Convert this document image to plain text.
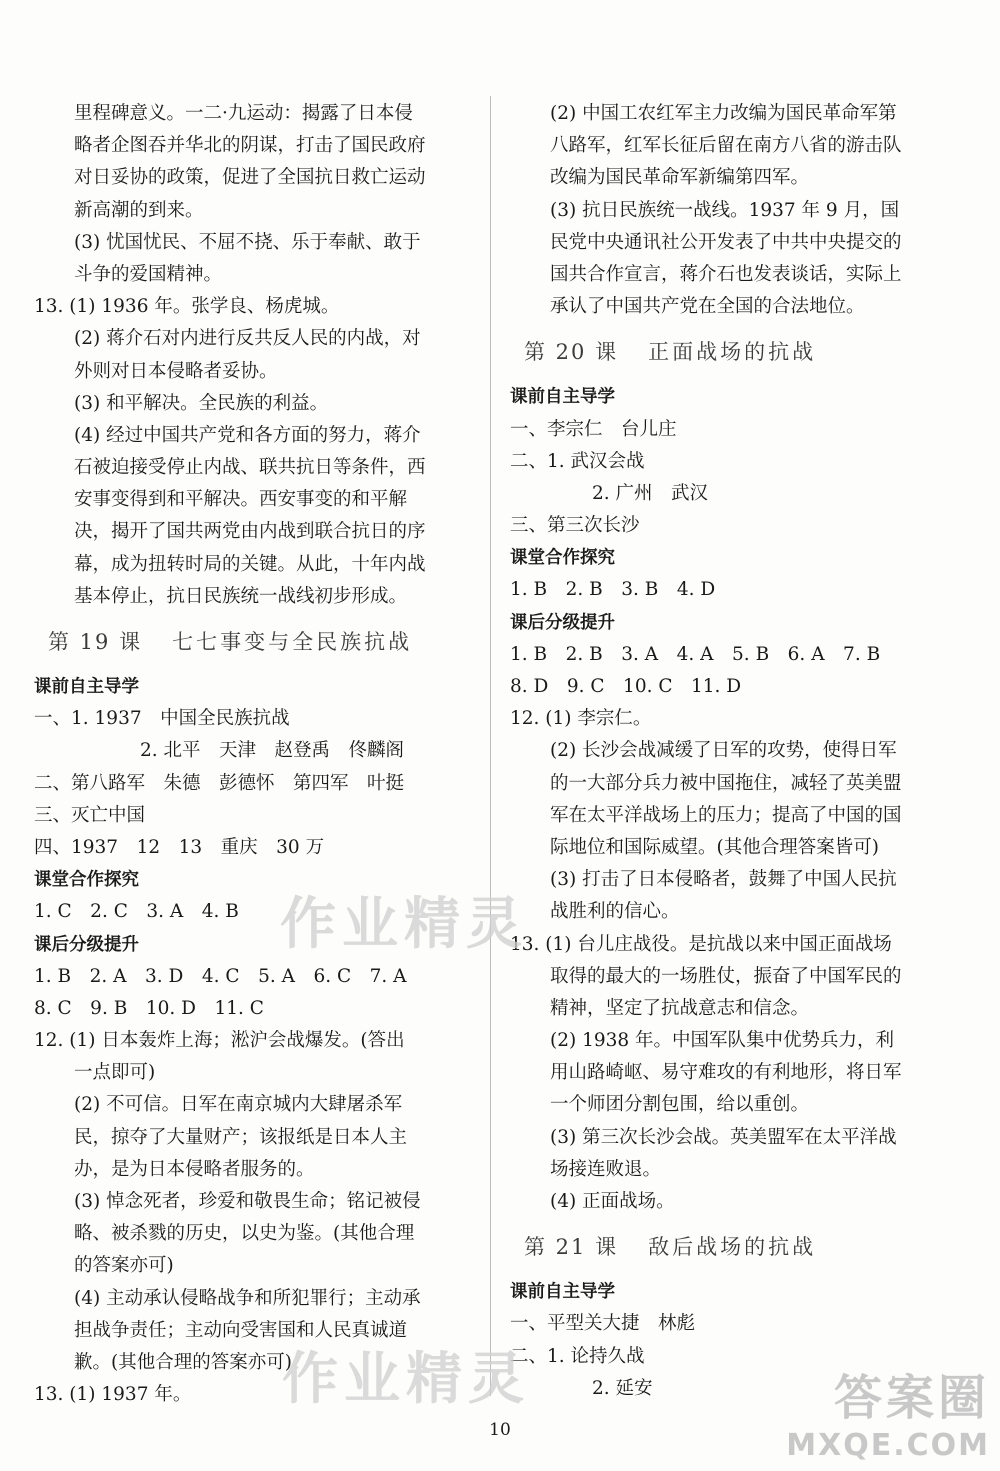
里程碑意义。一二·九运动：揭露了日本侵
略者企图吞并华北的阴谋，打击了国民政府
对日妥协的政策，促进了全国抗日救亡运动
新高潮的到来。
(3) 忧国忧民、不屈不挠、乐于奉献、敢于
斗争的爱国精神。
13. (1) 1936 年。张学良、杨虎城。
(2) 蒋介石对内进行反共反人民的内战，对
外则对日本侵略者妥协。
(3) 和平解决。全民族的利益。
(4) 经过中国共产党和各方面的努力，蒋介
石被迫接受停止内战、联共抗日等条件，西
安事变得到和平解决。西安事变的和平解
决，揭开了国共两党由内战到联合抗日的序
幕，成为扭转时局的关键。从此，十年内战
基本停止，抗日民族统一战线初步形成。
第 19 课 七七事变与全民族抗战
课前自主导学
一、1. 1937　中国全民族抗战
2. 北平　天津　赵登禹　佟麟阁
二、第八路军　朱德　彭德怀　第四军　叶挺
三、灭亡中国
四、1937　12　13　重庆　30 万
课堂合作探究
1. C　2. C　3. A　4. B
课后分级提升
1. B　2. A　3. D　4. C　5. A　6. C　7. A
8. C　9. B　10. D　11. C
12. (1) 日本轰炸上海；淞沪会战爆发。(答出
一点即可)
(2) 不可信。日军在南京城内大肆屠杀军
民，掠夺了大量财产；该报纸是日本人主
办，是为日本侵略者服务的。
(3) 悼念死者，珍爱和敬畏生命；铭记被侵
略、被杀戮的历史，以史为鉴。(其他合理
的答案亦可)
(4) 主动承认侵略战争和所犯罪行；主动承
担战争责任；主动向受害国和人民真诚道
歉。(其他合理的答案亦可)
13. (1) 1937 年。
(2) 中国工农红军主力改编为国民革命军第
八路军，红军长征后留在南方八省的游击队
改编为国民革命军新编第四军。
(3) 抗日民族统一战线。1937 年 9 月，国
民党中央通讯社公开发表了中共中央提交的
国共合作宣言，蒋介石也发表谈话，实际上
承认了中国共产党在全国的合法地位。
第 20 课 正面战场的抗战
课前自主导学
一、李宗仁　台儿庄
二、1. 武汉会战
2. 广州　武汉
三、第三次长沙
课堂合作探究
1. B　2. B　3. B　4. D
课后分级提升
1. B　2. B　3. A　4. A　5. B　6. A　7. B
8. D　9. C　10. C　11. D
12. (1) 李宗仁。
(2) 长沙会战减缓了日军的攻势，使得日军
的一大部分兵力被中国拖住，减轻了英美盟
军在太平洋战场上的压力；提高了中国的国
际地位和国际威望。(其他合理答案皆可)
(3) 打击了日本侵略者，鼓舞了中国人民抗
战胜利的信心。
13. (1) 台儿庄战役。是抗战以来中国正面战场
取得的最大的一场胜仗，振奋了中国军民的
精神，坚定了抗战意志和信念。
(2) 1938 年。中国军队集中优势兵力，利
用山路崎岖、易守难攻的有利地形，将日军
一个师团分割包围，给以重创。
(3) 第三次长沙会战。英美盟军在太平洋战
场接连败退。
(4) 正面战场。
第 21 课 敌后战场的抗战
课前自主导学
一、平型关大捷　林彪
二、1. 论持久战
2. 延安
作业精灵
作业精灵
10
答案圈
MXQE.COM
